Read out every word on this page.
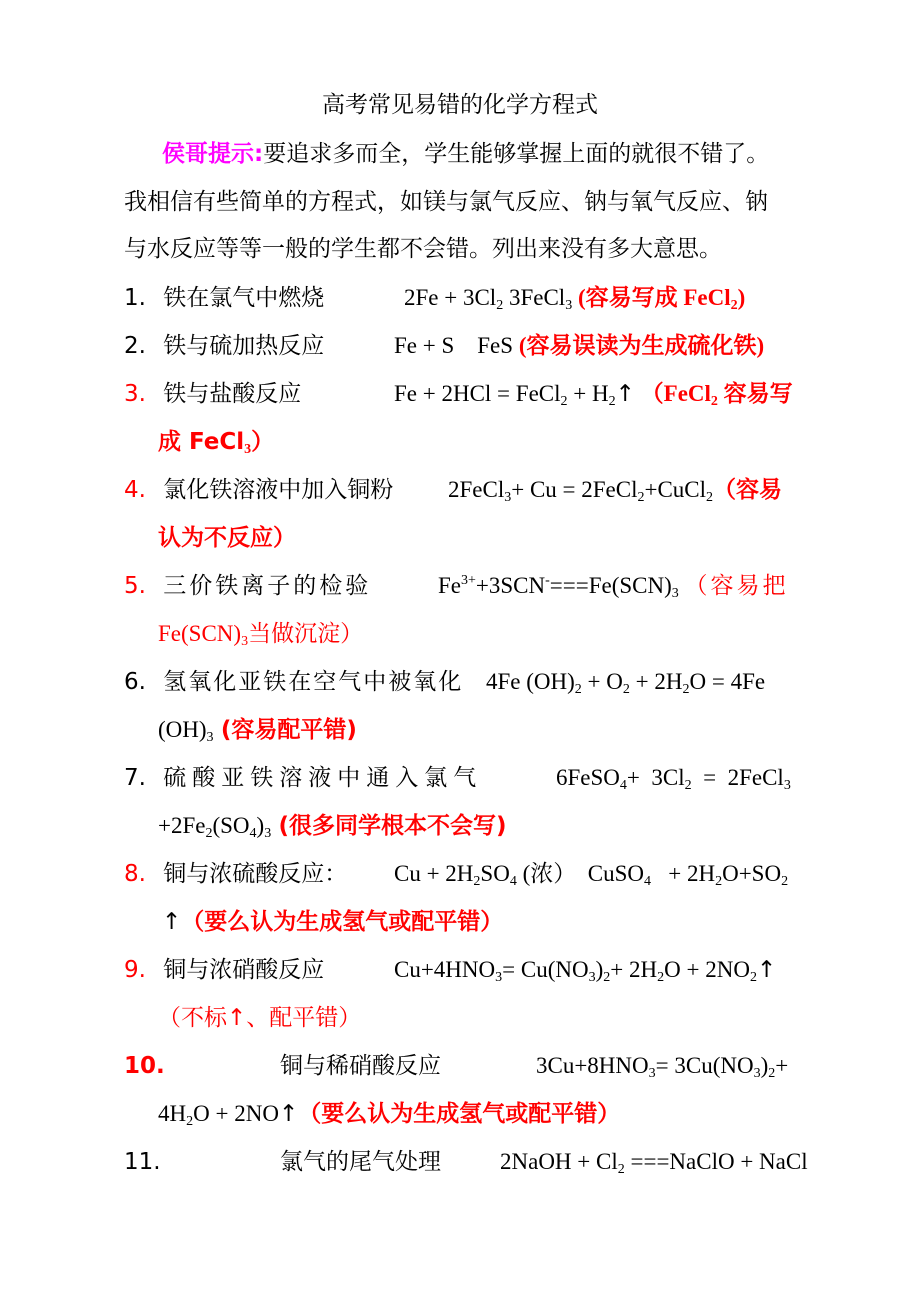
高考常见易错的化学方程式
侯哥提示:要追求多而全，学生能够掌握上面的就很不错了。
我相信有些简单的方程式，如镁与氯气反应、钠与氧气反应、钠
与水反应等等一般的学生都不会错。列出来没有多大意思。
1. 铁在氯气中燃烧	$2Fe + 3Cl_2$ 3FeCl$_3$ (容易写成 FeCl$_2$)
2. 铁与硫加热反应	Fe + S    FeS (容易误读为生成硫化铁)
3. 铁与盐酸反应	Fe + 2HCl = FeCl$_2$ + $H_2↑$ （FeCl$_2$ 容易写
成 FeCl$_3$）
4. 氯化铁溶液中加入铜粉 2FeCl$_3$+ Cu = 2FeCl$_2$+CuCl$_2$（容易
认为不反应）
5. 三价铁离子的检验	$Fe^{3+}+3SCN^-===Fe(SCN)_3$ （容易把
$Fe(SCN)_3$当做沉淀）
6. 氢氧化亚铁在空气中被氧化 4Fe $(OH)_2 + O_2 + 2H_2O = 4Fe$
$(OH)_3$ (容易配平错)
7. 硫酸亚铁溶液中通入氯气	6FeSO$_4$+  $3Cl_2$  =  2FeCl$_3$
$+2Fe_2(SO_4)_3$ (很多同学根本不会写)
8. 铜与浓硫酸反应： $Cu + 2H_2SO_4$ (浓）  CuSO$_4$   + $2H_2O+SO_2$
↑（要么认为生成氢气或配平错）
9. 铜与浓硝酸反应	$Cu+4HNO_3= Cu(NO_3)_2+ 2H_2O$ + $2NO_2↑$
（不标↑、配平错）
10.	铜与稀硝酸反应	$3Cu+8HNO_3= 3Cu(NO_3)_2+$
$4H_2O$ + 2NO↑（要么认为生成氢气或配平错）
11.	氯气的尾气处理	2NaOH + $Cl_2$ ===NaClO + NaCl
